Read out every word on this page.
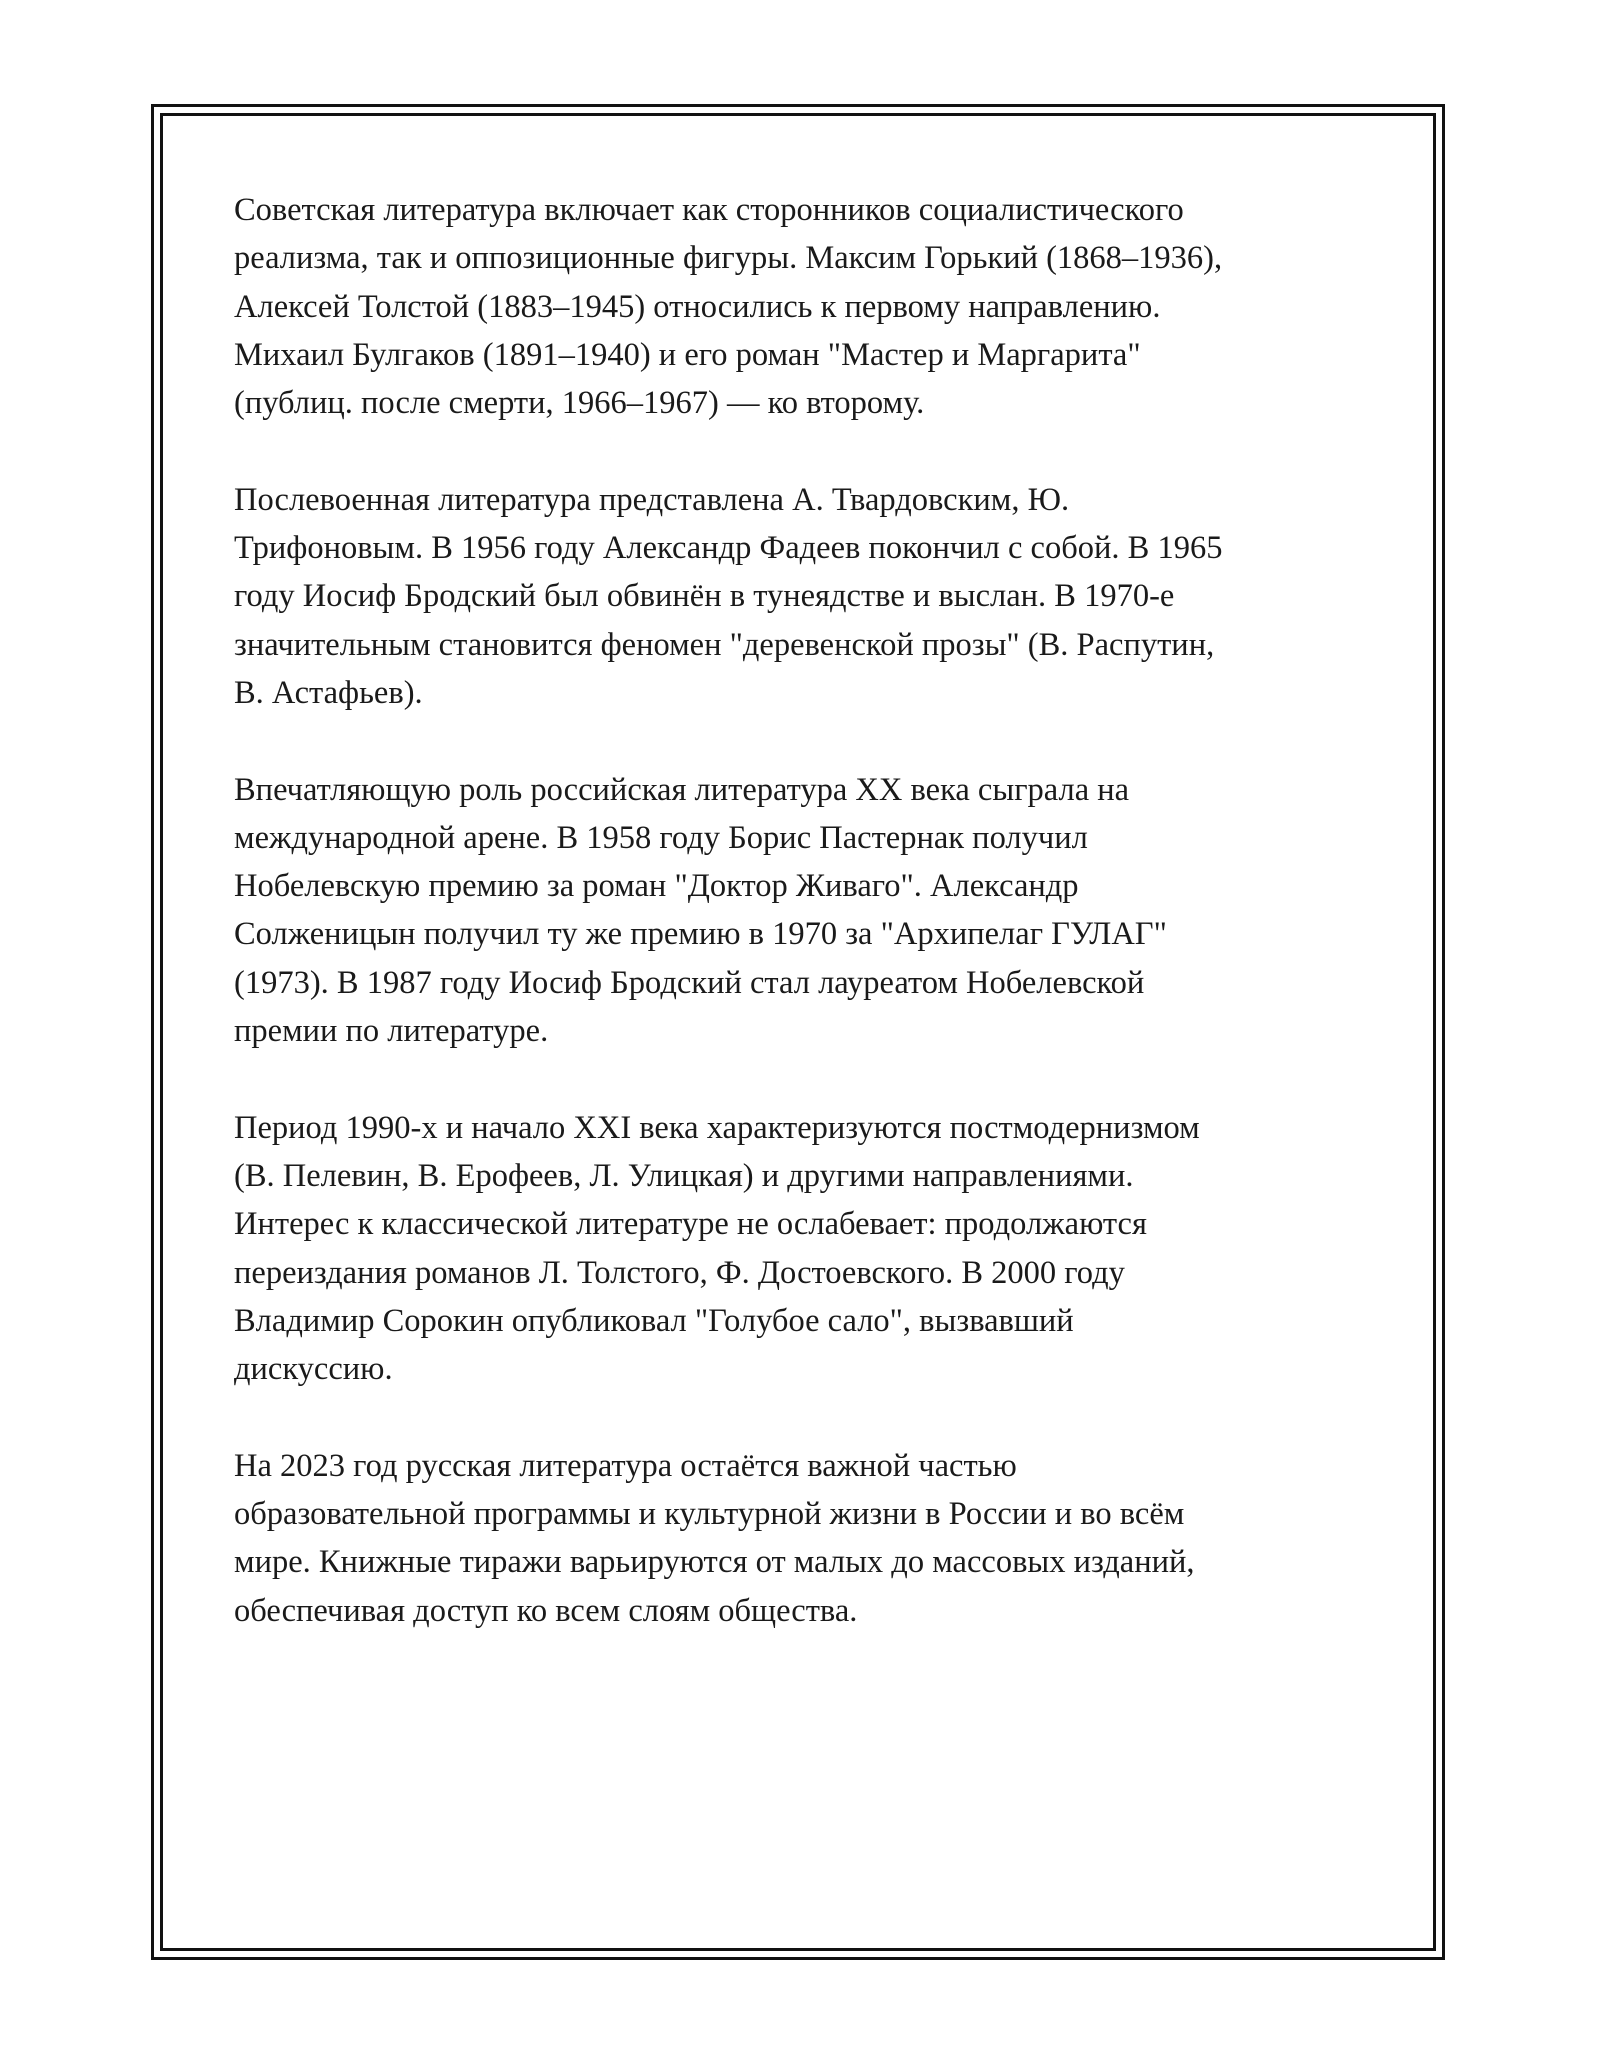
Советская литература включает как сторонников социалистического
реализма, так и оппозиционные фигуры. Максим Горький (1868–1936),
Алексей Толстой (1883–1945) относились к первому направлению.
Михаил Булгаков (1891–1940) и его роман "Мастер и Маргарита"
(публиц. после смерти, 1966–1967) — ко второму.

Послевоенная литература представлена А. Твардовским, Ю.
Трифоновым. В 1956 году Александр Фадеев покончил с собой. В 1965
году Иосиф Бродский был обвинён в тунеядстве и выслан. В 1970-е
значительным становится феномен "деревенской прозы" (В. Распутин,
В. Астафьев).

Впечатляющую роль российская литература XX века сыграла на
международной арене. В 1958 году Борис Пастернак получил
Нобелевскую премию за роман "Доктор Живаго". Александр
Солженицын получил ту же премию в 1970 за "Архипелаг ГУЛАГ"
(1973). В 1987 году Иосиф Бродский стал лауреатом Нобелевской
премии по литературе.

Период 1990-х и начало XXI века характеризуются постмодернизмом
(В. Пелевин, В. Ерофеев, Л. Улицкая) и другими направлениями.
Интерес к классической литературе не ослабевает: продолжаются
переиздания романов Л. Толстого, Ф. Достоевского. В 2000 году
Владимир Сорокин опубликовал "Голубое сало", вызвавший
дискуссию.

На 2023 год русская литература остаётся важной частью
образовательной программы и культурной жизни в России и во всём
мире. Книжные тиражи варьируются от малых до массовых изданий,
обеспечивая доступ ко всем слоям общества.
